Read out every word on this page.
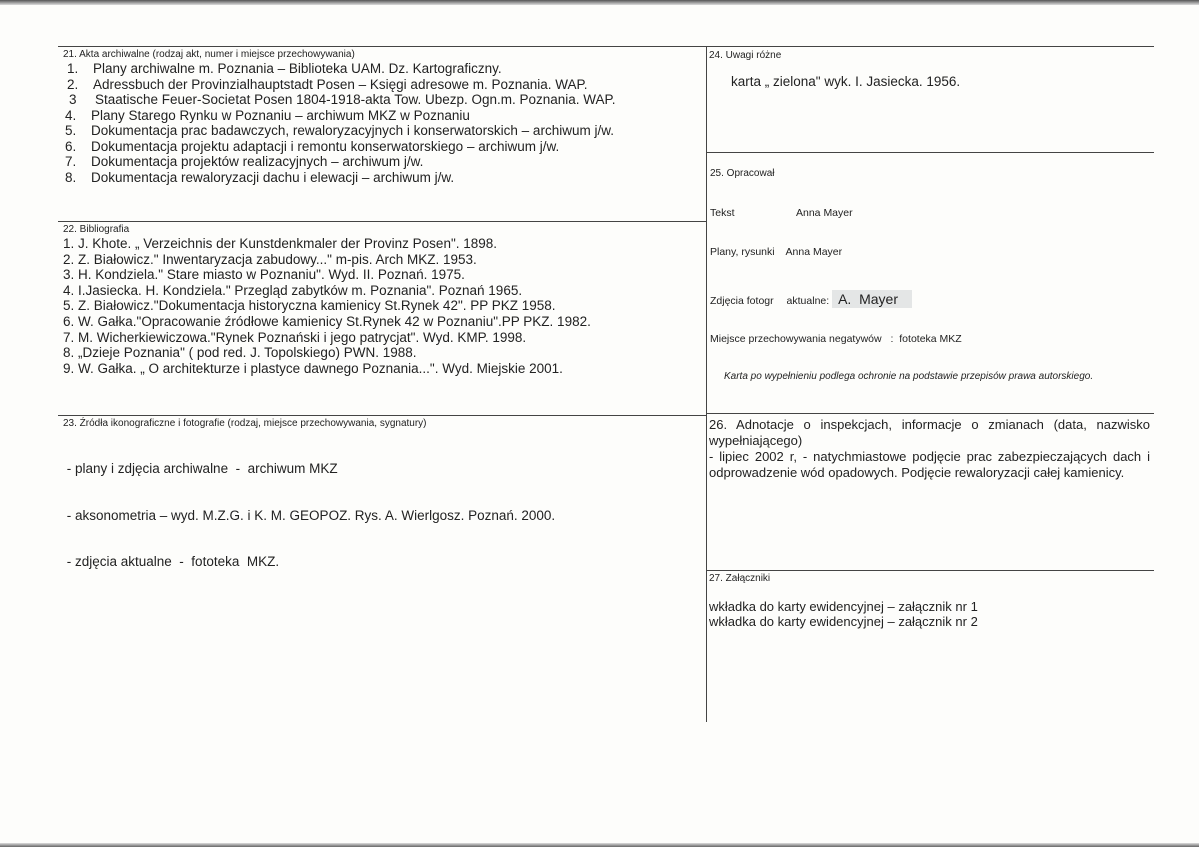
21. Akta archiwalne (rodzaj akt, numer i miejsce przechowywania)
1. Plany archiwalne m. Poznania – Biblioteka UAM. Dz. Kartograficzny.
2. Adressbuch der Provinzialhauptstadt Posen – Księgi adresowe m. Poznania. WAP.
3 Staatische Feuer-Societat Posen 1804-1918-akta Tow. Ubezp. Ogn.m. Poznania. WAP.
4. Plany Starego Rynku w Poznaniu – archiwum MKZ w Poznaniu
5. Dokumentacja prac badawczych, rewaloryzacyjnych i konserwatorskich – archiwum j/w.
6. Dokumentacja projektu adaptacji i remontu konserwatorskiego – archiwum j/w.
7. Dokumentacja projektów realizacyjnych – archiwum j/w.
8. Dokumentacja rewaloryzacji dachu i elewacji – archiwum j/w.
22. Bibliografia
1. J. Khote. „ Verzeichnis der Kunstdenkmaler der Provinz Posen". 1898.
2. Z. Białowicz." Inwentaryzacja zabudowy..." m-pis. Arch MKZ. 1953.
3. H. Kondziela." Stare miasto w Poznaniu". Wyd. II. Poznań. 1975.
4. I.Jasiecka. H. Kondziela." Przegląd zabytków m. Poznania". Poznań 1965.
5. Z. Białowicz."Dokumentacja historyczna kamienicy St.Rynek 42". PP PKZ 1958.
6. W. Gałka."Opracowanie źródłowe kamienicy St.Rynek 42 w Poznaniu".PP PKZ. 1982.
7. M. Wicherkiewiczowa."Rynek Poznański i jego patrycjat". Wyd. KMP. 1998.
8. „Dzieje Poznania" ( pod red. J. Topolskiego) PWN. 1988.
9. W. Gałka. „ O architekturze i plastyce dawnego Poznania...". Wyd. Miejskie 2001.
23. Źródła ikonograficzne i fotografie (rodzaj, miejsce przechowywania, sygnatury)

- plany i zdjęcia archiwalne  -  archiwum MKZ

- aksonometria – wyd. M.Z.G. i K. M. GEOPOZ. Rys. A. Wierlgosz. Poznań. 2000.

- zdjęcia aktualne  -  fototeka  MKZ.

24. Uwagi różne
karta „ zielona" wyk. I. Jasiecka. 1956.
25. Opracował
Tekst	Anna Mayer
Plany, rysunki Anna Mayer
Zdjęcia fotogr aktualne: A.  Mayer
Miejsce przechowywania negatywów :  fototeka MKZ
Karta po wypełnieniu podlega ochronie na podstawie przepisów prawa autorskiego.
26. Adnotacje o inspekcjach, informacje o zmianach (data, nazwisko wypełniającego)
- lipiec 2002 r, - natychmiastowe podjęcie prac zabezpieczających dach i odprowadzenie wód opadowych. Podjęcie rewaloryzacji całej kamienicy.
27. Załączniki
wkładka do karty ewidencyjnej – załącznik nr 1
wkładka do karty ewidencyjnej – załącznik nr 2
